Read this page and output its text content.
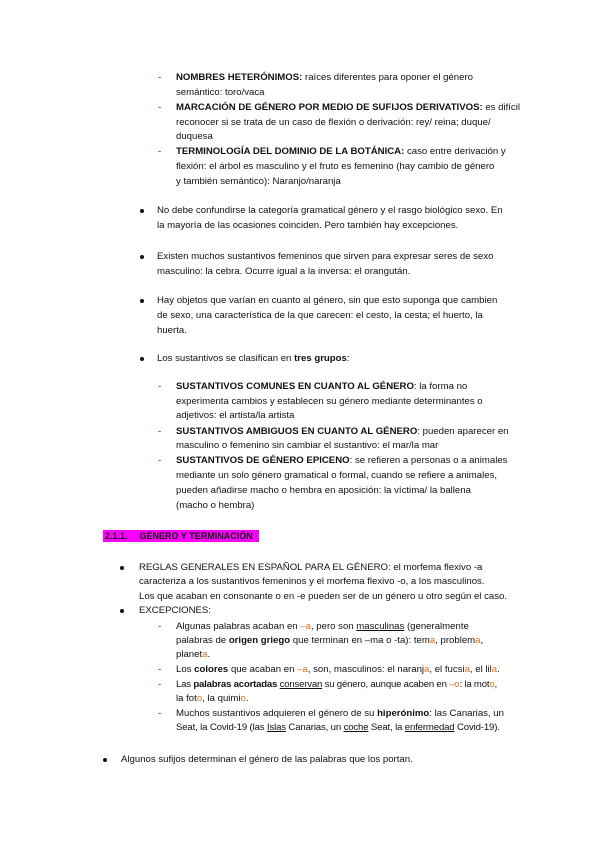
- NOMBRES HETERÓNIMOS: raíces diferentes para oponer el género
semántico: toro/vaca
- MARCACIÓN DE GÉNERO POR MEDIO DE SUFIJOS DERIVATIVOS: es difícil
reconocer si se trata de un caso de flexión o derivación: rey/ reina; duque/
duquesa
- TERMINOLOGÍA DEL DOMINIO DE LA BOTÁNICA: caso entre derivación y
flexión: el árbol es masculino y el fruto es femenino (hay cambio de género
y también semántico): Naranjo/naranja
No debe confundirse la categoría gramatical género y el rasgo biológico sexo. En
la mayoría de las ocasiones coinciden. Pero también hay excepciones.
Existen muchos sustantivos femeninos que sirven para expresar seres de sexo
masculino: la cebra. Ocurre igual a la inversa: el orangután.
Hay objetos que varían en cuanto al género, sin que esto suponga que cambien
de sexo, una característica de la que carecen: el cesto, la cesta; el huerto, la
huerta.
Los sustantivos se clasifican en tres grupos:
- SUSTANTIVOS COMUNES EN CUANTO AL GÉNERO: la forma no
experimenta cambios y establecen su género mediante determinantes o
adjetivos: el artista/la artista
- SUSTANTIVOS AMBIGUOS EN CUANTO AL GÉNERO: pueden aparecer en
masculino o femenino sin cambiar el sustantivo: el mar/la mar
- SUSTANTIVOS DE GÉNERO EPICENO: se refieren a personas o a animales
mediante un solo género gramatical o formal, cuando se refiere a animales,
pueden añadirse macho o hembra en aposición: la víctima/ la ballena
(macho o hembra)
2.1.1. GÉNERO Y TERMINACIÓN
REGLAS GENERALES EN ESPAÑOL PARA EL GÉNERO: el morfema flexivo -a
caracteriza a los sustantivos femeninos y el morfema flexivo -o, a los masculinos.
Los que acaban en consonante o en -e pueden ser de un género u otro según el caso.
EXCEPCIONES:
- Algunas palabras acaban en –a, pero son masculinas (generalmente
palabras de origen griego que terminan en –ma o -ta): tema, problema,
planeta.
- Los colores que acaban en –a, son, masculinos: el naranja, el fucsia, el lila.
- Las palabras acortadas conservan su género, aunque acaben en –o: la moto,
la foto, la quimio.
- Muchos sustantivos adquieren el género de su hiperónimo: las Canarias, un
Seat, la Covid-19 (las Islas Canarias, un coche Seat, la enfermedad Covid-19).
Algunos sufijos determinan el género de las palabras que los portan.
